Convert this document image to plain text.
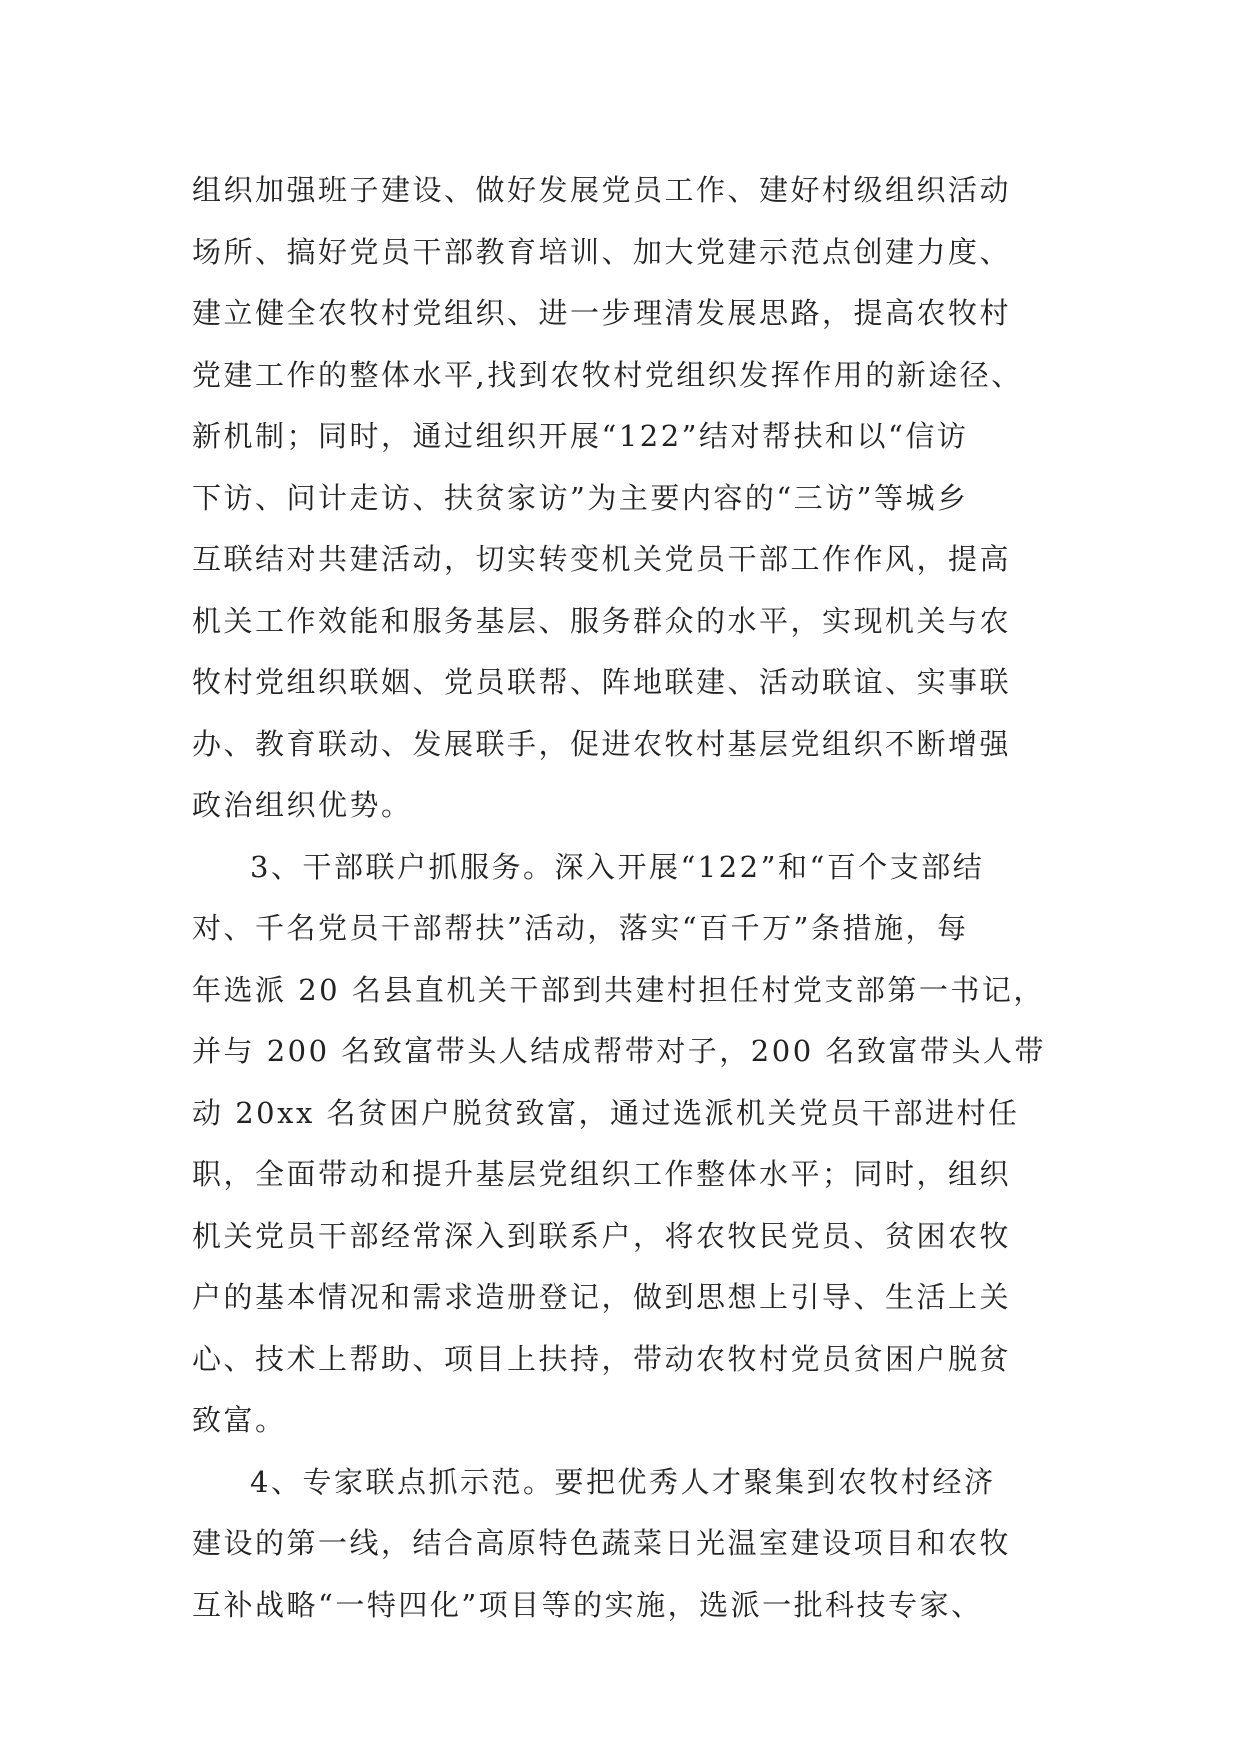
组织加强班子建设、做好发展党员工作、建好村级组织活动
场所、搞好党员干部教育培训、加大党建示范点创建力度、
建立健全农牧村党组织、进一步理清发展思路，提高农牧村
党建工作的整体水平,找到农牧村党组织发挥作用的新途径、
新机制；同时，通过组织开展“122”结对帮扶和以“信访
下访、问计走访、扶贫家访”为主要内容的“三访”等城乡
互联结对共建活动，切实转变机关党员干部工作作风，提高
机关工作效能和服务基层、服务群众的水平，实现机关与农
牧村党组织联姻、党员联帮、阵地联建、活动联谊、实事联
办、教育联动、发展联手，促进农牧村基层党组织不断增强
政治组织优势。
3、干部联户抓服务。深入开展“122”和“百个支部结
对、千名党员干部帮扶”活动，落实“百千万”条措施，每
年选派 20 名县直机关干部到共建村担任村党支部第一书记，
并与 200 名致富带头人结成帮带对子，200 名致富带头人带
动 20xx 名贫困户脱贫致富，通过选派机关党员干部进村任
职，全面带动和提升基层党组织工作整体水平；同时，组织
机关党员干部经常深入到联系户，将农牧民党员、贫困农牧
户的基本情况和需求造册登记，做到思想上引导、生活上关
心、技术上帮助、项目上扶持，带动农牧村党员贫困户脱贫
致富。
4、专家联点抓示范。要把优秀人才聚集到农牧村经济
建设的第一线，结合高原特色蔬菜日光温室建设项目和农牧
互补战略“一特四化”项目等的实施，选派一批科技专家、
